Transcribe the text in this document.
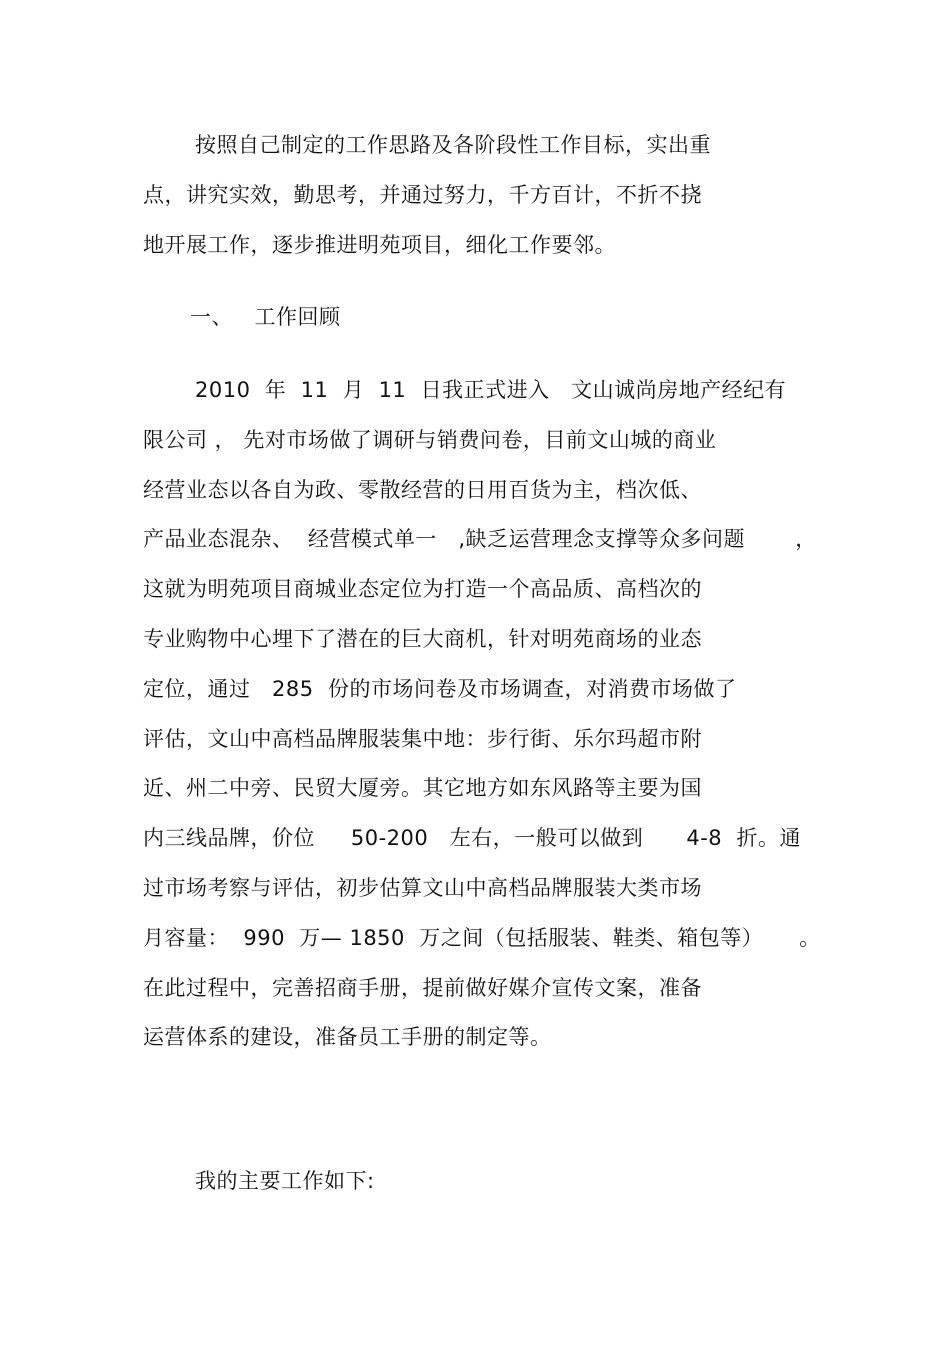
按照自己制定的工作思路及各阶段性工作目标，实出重
点，讲究实效，勤思考，并通过努力，千方百计，不折不挠
地开展工作，逐步推进明苑项目，细化工作要邻。
一、   工作回顾
2010  年  11  月  11  日我正式进入   文山诚尚房地产经纪有
限公司 ， 先对市场做了调研与销费问卷，目前文山城的商业
经营业态以各自为政、零散经营的日用百货为主，档次低、
产品业态混杂、  经营模式单一   ,缺乏运营理念支撑等众多问题       ，
这就为明苑项目商城业态定位为打造一个高品质、高档次的
专业购物中心埋下了潜在的巨大商机，针对明苑商场的业态
定位，通过   285  份的市场问卷及市场调查，对消费市场做了
评估，文山中高档品牌服装集中地：步行街、乐尔玛超市附
近、州二中旁、民贸大厦旁。其它地方如东风路等主要为国
内三线品牌，价位     50-200   左右，一般可以做到      4-8  折。通
过市场考察与评估，初步估算文山中高档品牌服装大类市场
月容量：  990  万— 1850  万之间（包括服装、鞋类、箱包等）     。
在此过程中，完善招商手册，提前做好媒介宣传文案，准备
运营体系的建设，准备员工手册的制定等。
我的主要工作如下:
